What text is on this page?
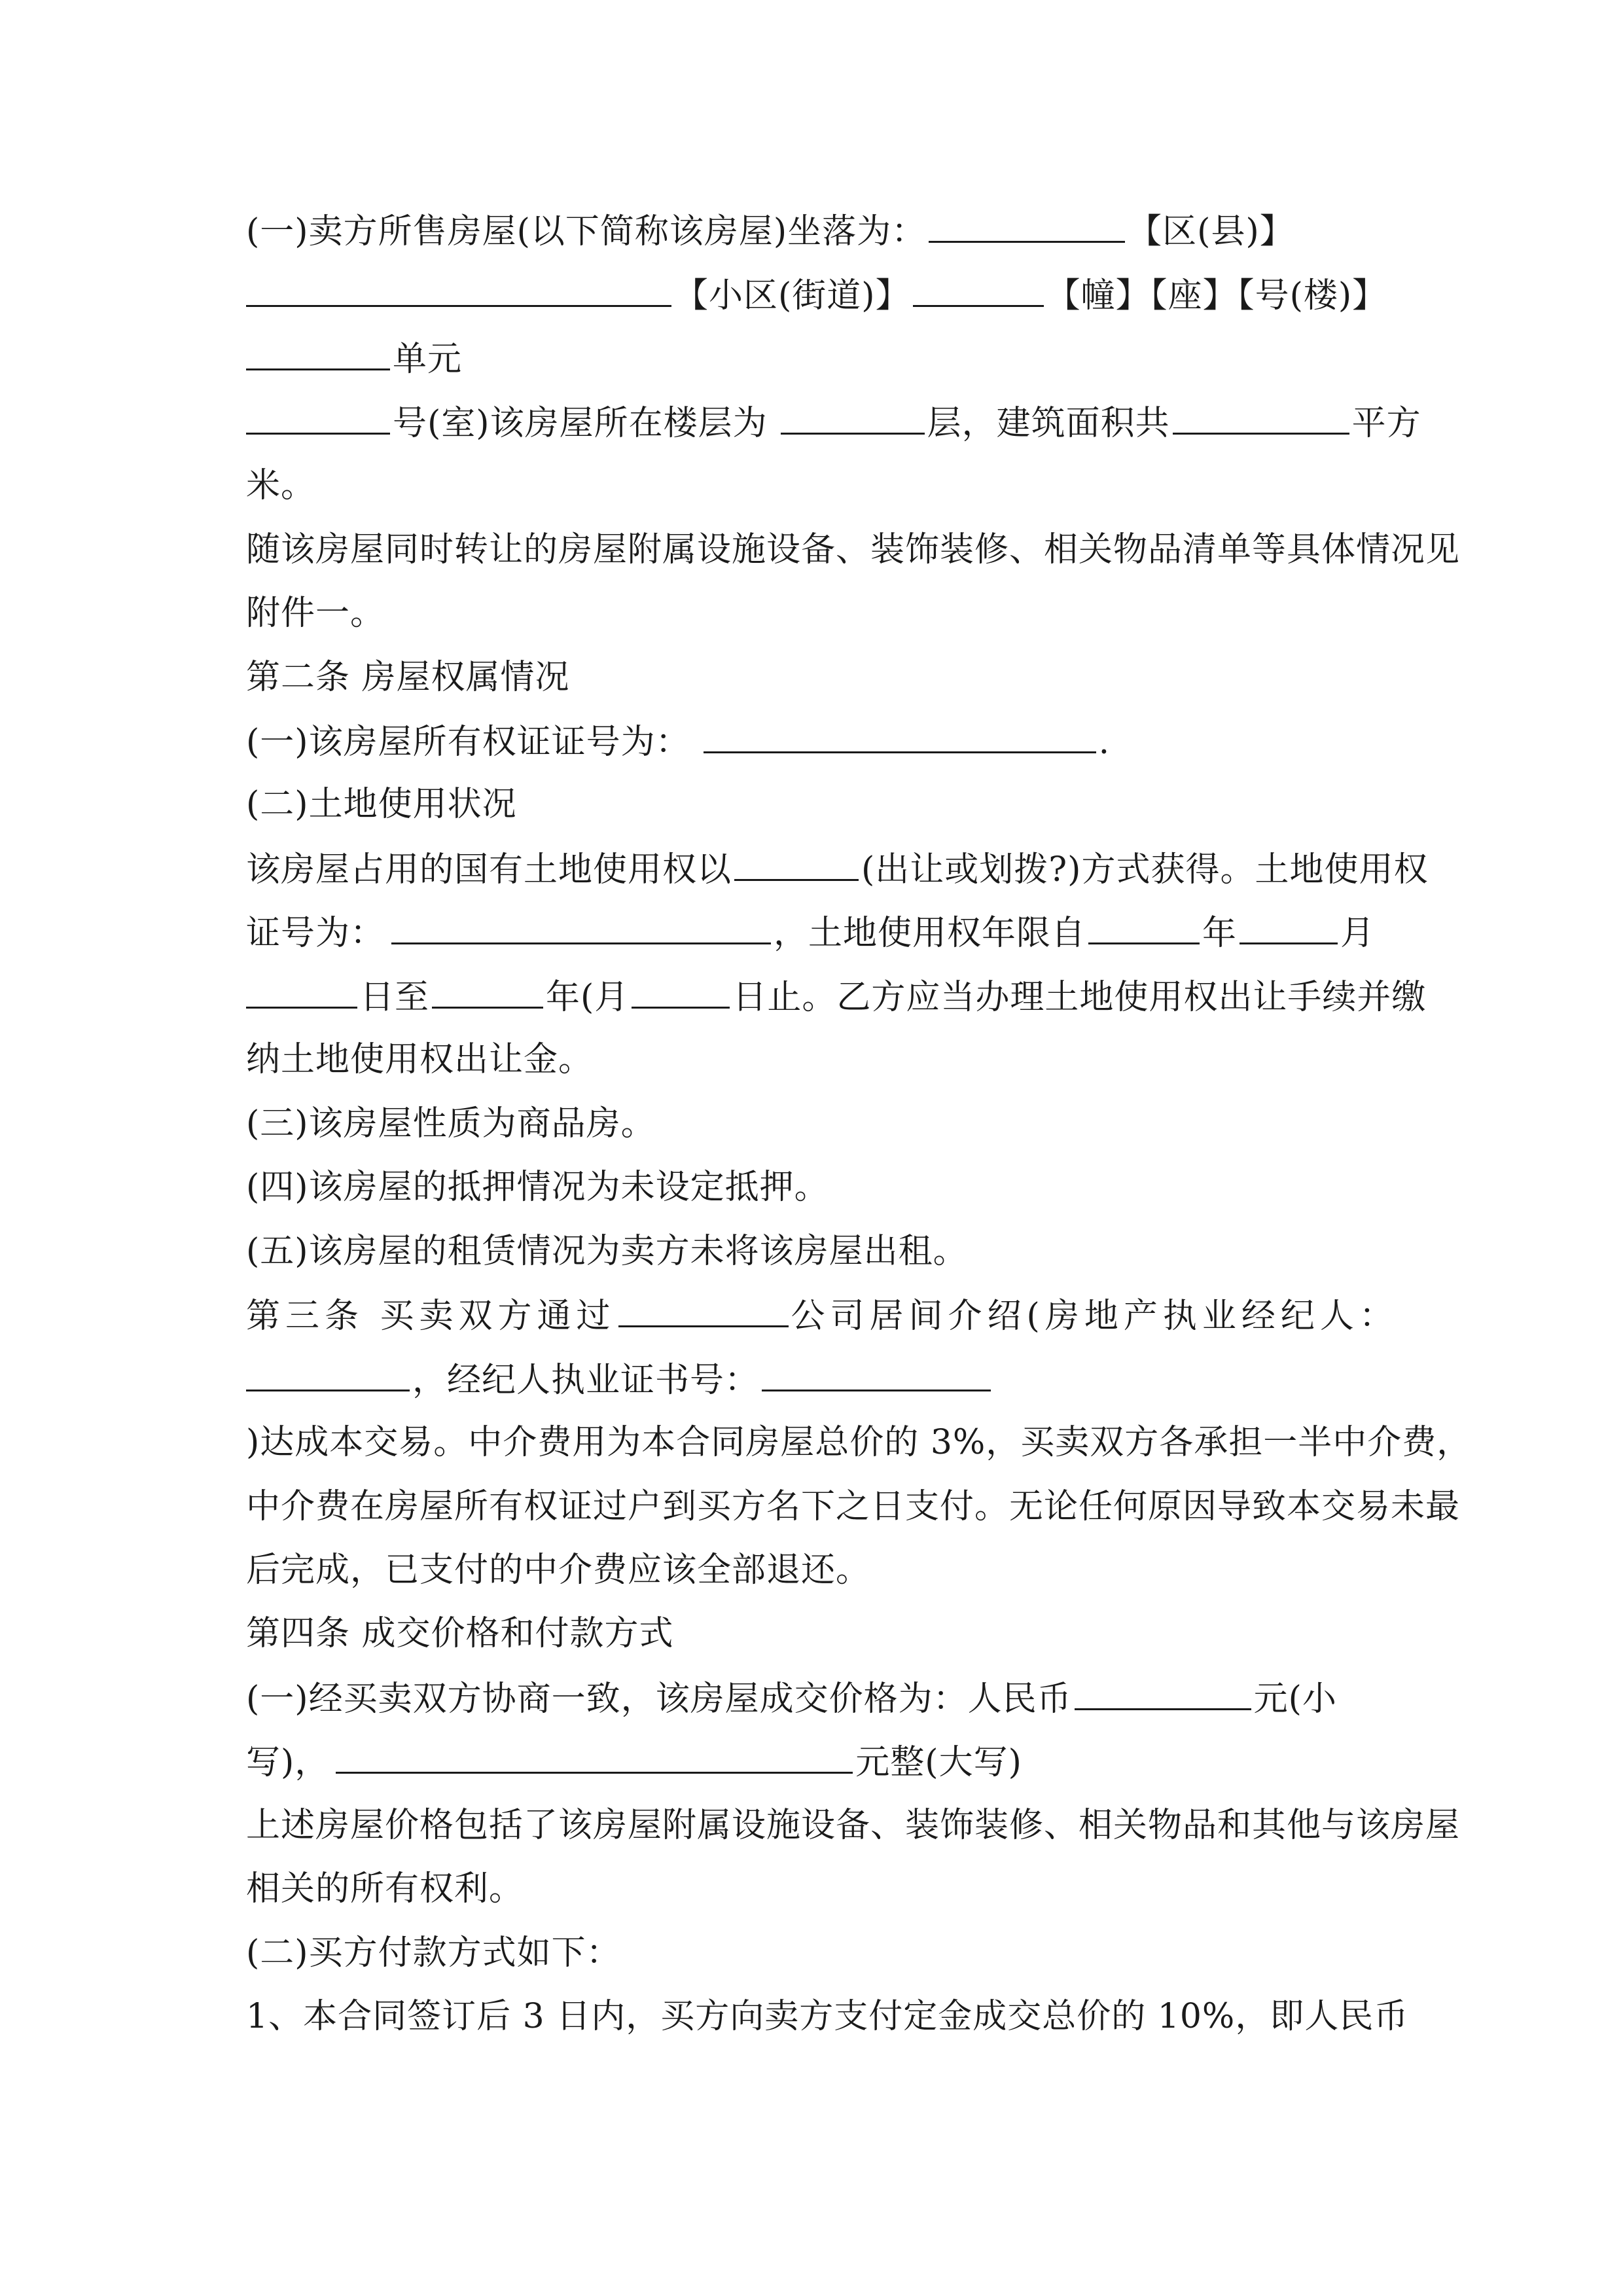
(一)卖方所售房屋(以下简称该房屋)坐落为：	【区(县)】
【小区(街道)】	【幢】【座】【号(楼)】
单元
号(室)该房屋所在楼层为	层，建筑面积共	平方
米。
随该房屋同时转让的房屋附属设施设备、装饰装修、相关物品清单等具体情况见
附件一。
第二条 房屋权属情况
(一)该房屋所有权证证号为：	.
(二)土地使用状况
该房屋占用的国有土地使用权以	(出让或划拨?)方式获得。土地使用权
证号为：	，土地使用权年限自	年	月
日至	年(月	日止。乙方应当办理土地使用权出让手续并缴
纳土地使用权出让金。
(三)该房屋性质为商品房。
(四)该房屋的抵押情况为未设定抵押。
(五)该房屋的租赁情况为卖方未将该房屋出租。
第三条 买卖双方通过	公司居间介绍(房地产执业经纪人：
，经纪人执业证书号：
)达成本交易。中介费用为本合同房屋总价的 3%，买卖双方各承担一半中介费，
中介费在房屋所有权证过户到买方名下之日支付。无论任何原因导致本交易未最
后完成，已支付的中介费应该全部退还。
第四条 成交价格和付款方式
(一)经买卖双方协商一致，该房屋成交价格为：人民币	元(小
写)，	元整(大写)
上述房屋价格包括了该房屋附属设施设备、装饰装修、相关物品和其他与该房屋
相关的所有权利。
(二)买方付款方式如下：
1、本合同签订后 3 日内，买方向卖方支付定金成交总价的 10%，即人民币
